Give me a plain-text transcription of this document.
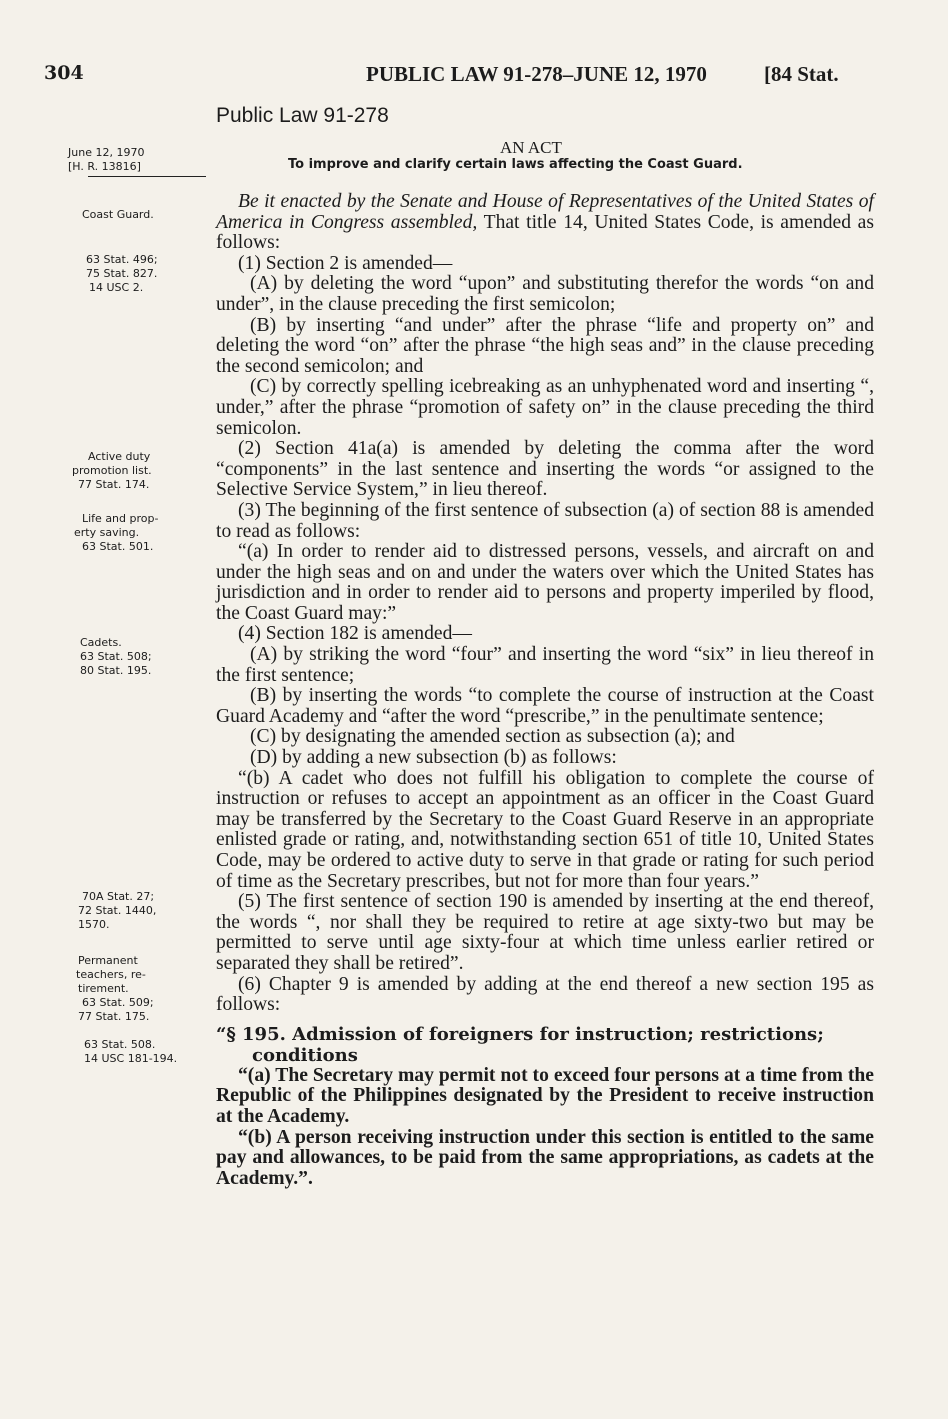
304	PUBLIC LAW 91-278–JUNE 12, 1970	[84 Stat.
Public Law 91-278
June 12, 1970
[H. R. 13816]
Coast Guard.
63 Stat. 496;
75 Stat. 827.
14 USC 2.
Active duty
promotion list.
77 Stat. 174.
Life and prop-
erty saving.
63 Stat. 501.
Cadets.
63 Stat. 508;
80 Stat. 195.
70A Stat. 27;
72 Stat. 1440,
1570.
Permanent
teachers, re-
tirement.
63 Stat. 509;
77 Stat. 175.
63 Stat. 508.
14 USC 181-194.
AN ACT
To improve and clarify certain laws affecting the Coast Guard.

Be it enacted by the Senate and House of Representatives of the United States of America in Congress assembled, That title 14, United States Code, is amended as follows:

(1) Section 2 is amended—

(A) by deleting the word “upon” and substituting therefor the words “on and under”, in the clause preceding the first semicolon;

(B) by inserting “and under” after the phrase “life and property on” and deleting the word “on” after the phrase “the high seas and” in the clause preceding the second semicolon; and

(C) by correctly spelling icebreaking as an unhyphenated word and inserting “, under,” after the phrase “promotion of safety on” in the clause preceding the third semicolon.

(2) Section 41a(a) is amended by deleting the comma after the word “components” in the last sentence and inserting the words “or assigned to the Selective Service System,” in lieu thereof.

(3) The beginning of the first sentence of subsection (a) of section 88 is amended to read as follows:

“(a) In order to render aid to distressed persons, vessels, and aircraft on and under the high seas and on and under the waters over which the United States has jurisdiction and in order to render aid to persons and property imperiled by flood, the Coast Guard may:”

(4) Section 182 is amended—

(A) by striking the word “four” and inserting the word “six” in lieu thereof in the first sentence;

(B) by inserting the words “to complete the course of instruction at the Coast Guard Academy and “after the word “prescribe,” in the penultimate sentence;

(C) by designating the amended section as subsection (a); and

(D) by adding a new subsection (b) as follows:

“(b) A cadet who does not fulfill his obligation to complete the course of instruction or refuses to accept an appointment as an officer in the Coast Guard may be transferred by the Secretary to the Coast Guard Reserve in an appropriate enlisted grade or rating, and, notwithstanding section 651 of title 10, United States Code, may be ordered to active duty to serve in that grade or rating for such period of time as the Secretary prescribes, but not for more than four years.”

(5) The first sentence of section 190 is amended by inserting at the end thereof, the words “, nor shall they be required to retire at age sixty-two but may be permitted to serve until age sixty-four at which time unless earlier retired or separated they shall be retired”.

(6) Chapter 9 is amended by adding at the end thereof a new section 195 as follows:

“§ 195. Admission of foreigners for instruction; restrictions;
conditions

“(a) The Secretary may permit not to exceed four persons at a time from the Republic of the Philippines designated by the President to receive instruction at the Academy.

“(b) A person receiving instruction under this section is entitled to the same pay and allowances, to be paid from the same appropriations, as cadets at the Academy.”.
